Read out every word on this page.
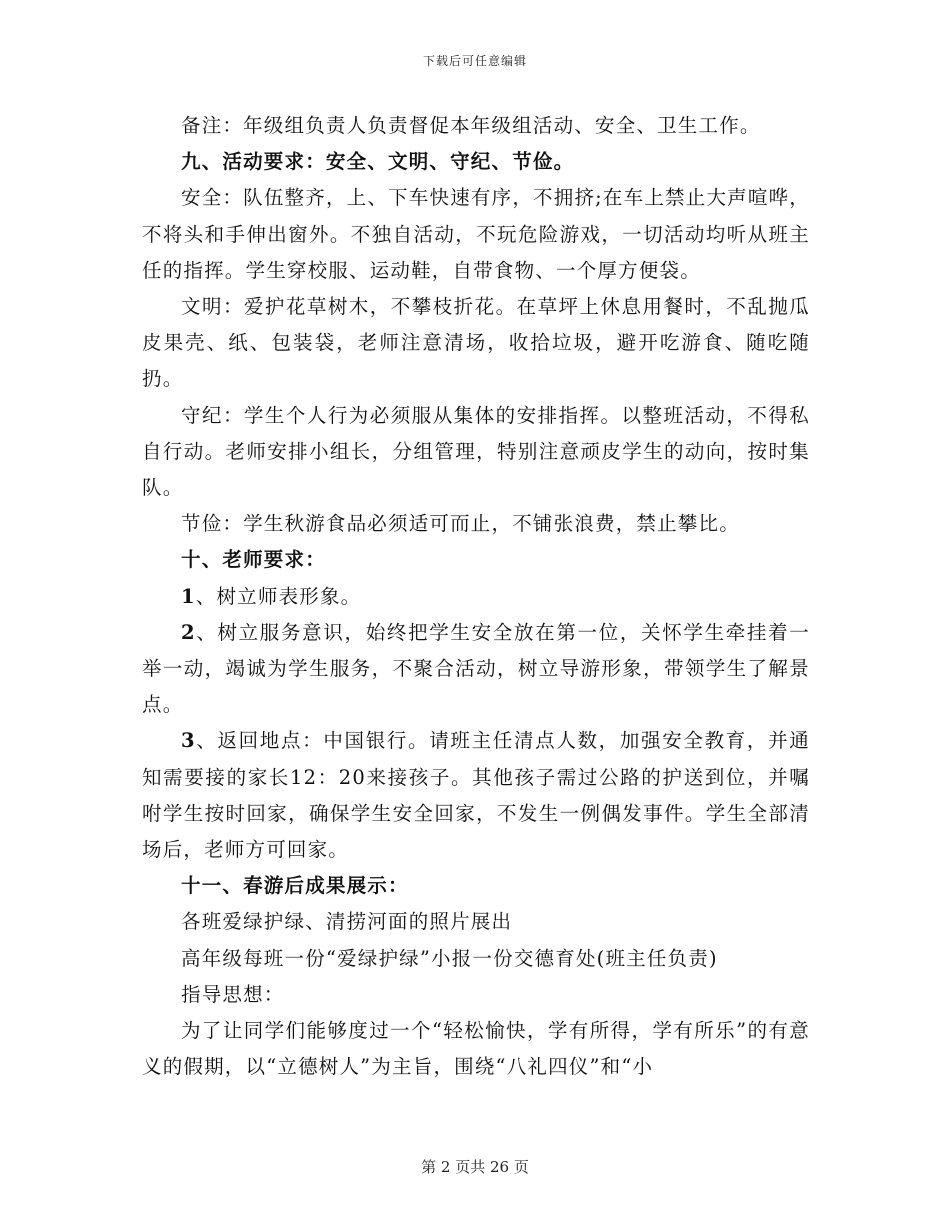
下载后可任意编辑

备注：年级组负责人负责督促本年级组活动、安全、卫生工作。

九、活动要求：安全、文明、守纪、节俭。

安全：队伍整齐，上、下车快速有序，不拥挤;在车上禁止大声喧哗，不将头和手伸出窗外。不独自活动，不玩危险游戏，一切活动均听从班主任的指挥。学生穿校服、运动鞋，自带食物、一个厚方便袋。

文明：爱护花草树木，不攀枝折花。在草坪上休息用餐时，不乱抛瓜皮果壳、纸、包装袋，老师注意清场，收拾垃圾，避开吃游食、随吃随扔。

守纪：学生个人行为必须服从集体的安排指挥。以整班活动，不得私自行动。老师安排小组长，分组管理，特别注意顽皮学生的动向，按时集队。

节俭：学生秋游食品必须适可而止，不铺张浪费，禁止攀比。

十、老师要求：

1、树立师表形象。

2、树立服务意识，始终把学生安全放在第一位，关怀学生牵挂着一举一动，竭诚为学生服务，不聚合活动，树立导游形象，带领学生了解景点。

3、返回地点：中国银行。请班主任清点人数，加强安全教育，并通知需要接的家长12：20来接孩子。其他孩子需过公路的护送到位，并嘱咐学生按时回家，确保学生安全回家，不发生一例偶发事件。学生全部清场后，老师方可回家。

十一、春游后成果展示：

各班爱绿护绿、清捞河面的照片展出

高年级每班一份“爱绿护绿”小报一份交德育处(班主任负责)

指导思想：

为了让同学们能够度过一个“轻松愉快，学有所得，学有所乐”的有意义的假期，以“立德树人”为主旨，围绕“八礼四仪”和“小

第 2 页共 26 页
